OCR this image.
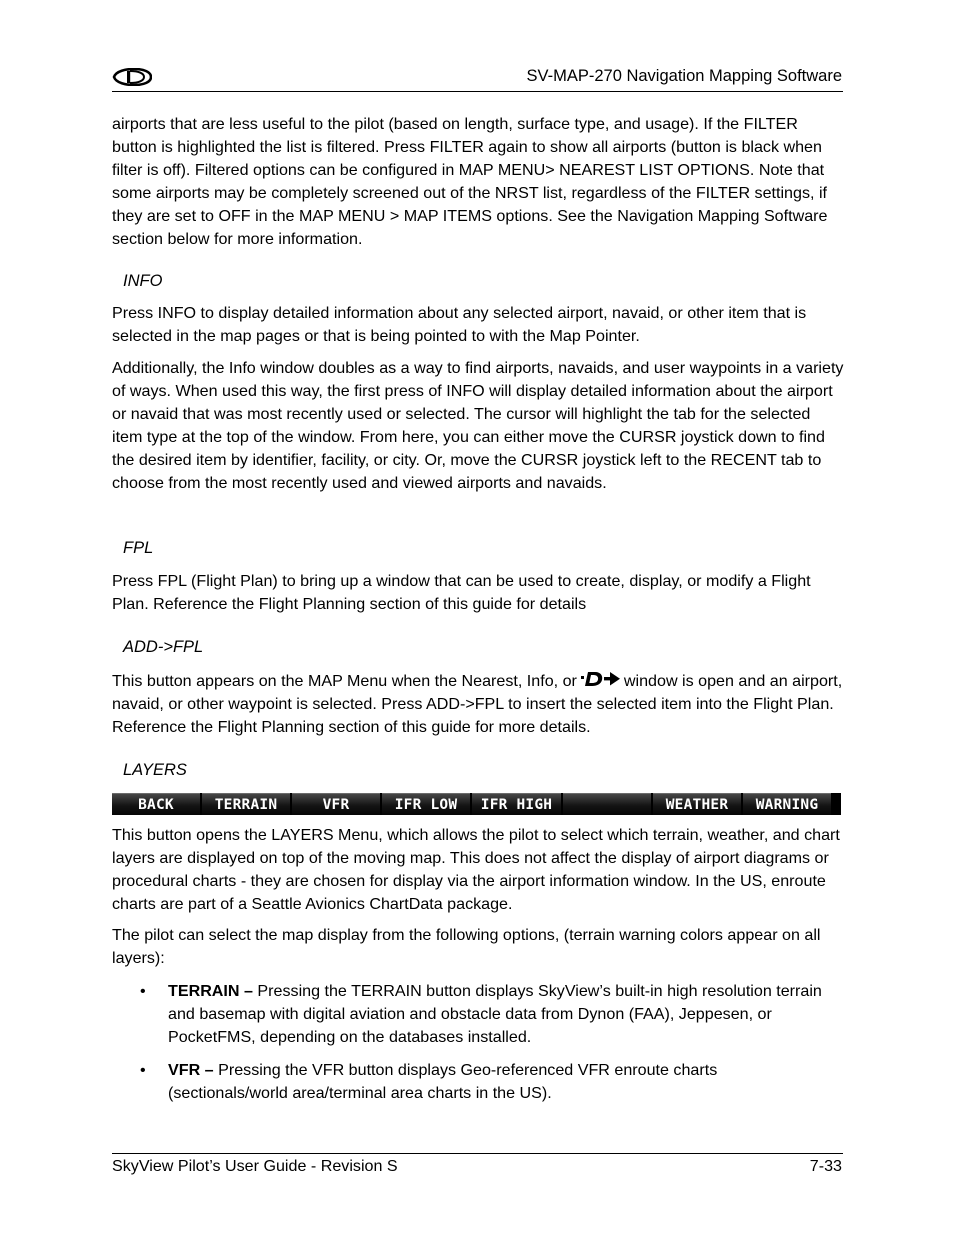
SV-MAP-270 Navigation Mapping Software

airports that are less useful to the pilot (based on length, surface type, and usage). If the FILTER button is highlighted the list is filtered. Press FILTER again to show all airports (button is black when filter is off). Filtered options can be configured in MAP MENU> NEAREST LIST OPTIONS. Note that some airports may be completely screened out of the NRST list, regardless of the FILTER settings, if they are set to OFF in the MAP MENU > MAP ITEMS options. See the Navigation Mapping Software section below for more information.

INFO

Press INFO to display detailed information about any selected airport, navaid, or other item that is selected in the map pages or that is being pointed to with the Map Pointer.

Additionally, the Info window doubles as a way to find airports, navaids, and user waypoints in a variety of ways. When used this way, the first press of INFO will display detailed information about the airport or navaid that was most recently used or selected. The cursor will highlight the tab for the selected item type at the top of the window. From here, you can either move the CURSR joystick down to find the desired item by identifier, facility, or city. Or, move the CURSR joystick left to the RECENT tab to choose from the most recently used and viewed airports and navaids.

FPL

Press FPL (Flight Plan) to bring up a window that can be used to create, display, or modify a Flight Plan. Reference the Flight Planning section of this guide for details

ADD->FPL

This button appears on the MAP Menu when the Nearest, Info, or	window is open and an airport, navaid, or other waypoint is selected. Press ADD->FPL to insert the selected item into the Flight Plan. Reference the Flight Planning section of this guide for more details.

LAYERS
BACK	TERRAIN	VFR	IFR LOW	IFR HIGH	WEATHER	WARNING

This button opens the LAYERS Menu, which allows the pilot to select which terrain, weather, and chart layers are displayed on top of the moving map. This does not affect the display of airport diagrams or procedural charts - they are chosen for display via the airport information window. In the US, enroute charts are part of a Seattle Avionics ChartData package.

The pilot can select the map display from the following options, (terrain warning colors appear on all layers):

• TERRAIN – Pressing the TERRAIN button displays SkyView’s built-in high resolution terrain and basemap with digital aviation and obstacle data from Dynon (FAA), Jeppesen, or PocketFMS, depending on the databases installed.

• VFR – Pressing the VFR button displays Geo-referenced VFR enroute charts (sectionals/world area/terminal area charts in the US).

SkyView Pilot’s User Guide - Revision S	7-33
